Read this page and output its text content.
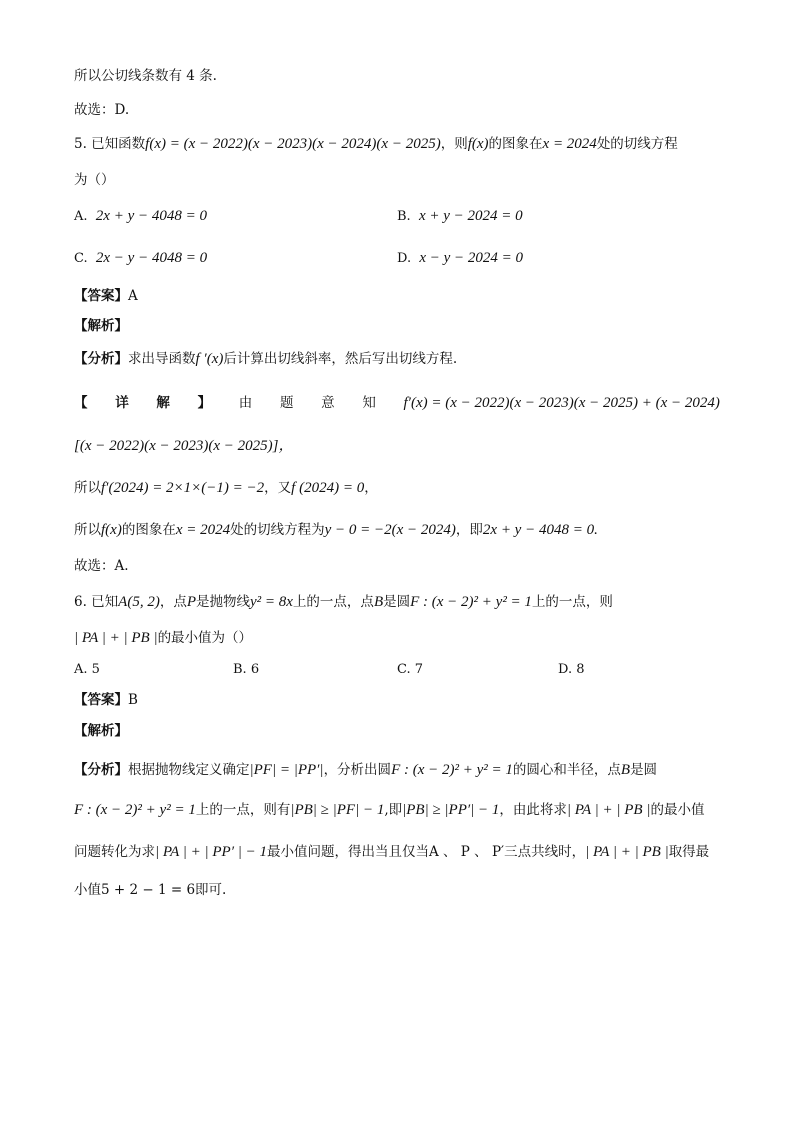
所以公切线条数有 4 条.
故选：D.
5. 已知函数f(x) = (x − 2022)(x − 2023)(x − 2024)(x − 2025)，则f(x)的图象在x = 2024处的切线方程
为（）
A. 2x + y − 4048 = 0	B. x + y − 2024 = 0
C. 2x − y − 4048 = 0	D. x − y − 2024 = 0
【答案】A
【解析】
【分析】求出导函数f ′(x)后计算出切线斜率，然后写出切线方程.
【 详 解 】 由 题 意 知 f′(x) = (x − 2022)(x − 2023)(x − 2025) + (x − 2024)
[(x − 2022)(x − 2023)(x − 2025)]，
所以f′(2024) = 2×1×(−1) = −2，又f (2024) = 0，
所以f(x)的图象在x = 2024处的切线方程为y − 0 = −2(x − 2024)，即2x + y − 4048 = 0.
故选：A.
6. 已知A(5, 2)，点P是抛物线y² = 8x上的一点，点B是圆F : (x − 2)² + y² = 1上的一点，则
| PA | + | PB |的最小值为（）
A. 5	B. 6	C. 7	D. 8
【答案】B
【解析】
【分析】根据抛物线定义确定|PF| = |PP′|，分析出圆F : (x − 2)² + y² = 1的圆心和半径，点B是圆
F : (x − 2)² + y² = 1上的一点，则有|PB| ≥ |PF| − 1,即|PB| ≥ |PP′| − 1，由此将求| PA | + | PB |的最小值
问题转化为求| PA | + | PP′ | − 1最小值问题，得出当且仅当A 、 P 、 P′三点共线时，| PA | + | PB |取得最
小值5 + 2 − 1 = 6即可.
